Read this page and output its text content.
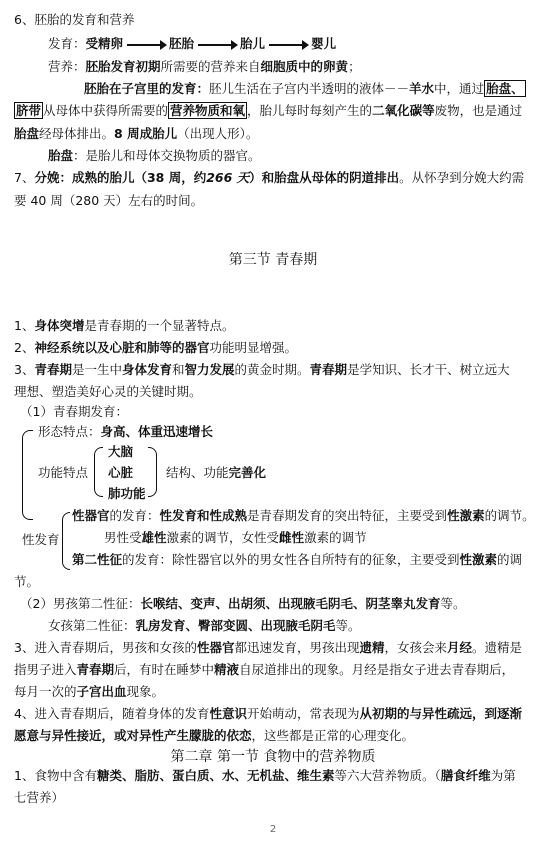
6、胚胎的发育和营养
发育：受精卵	胚胎	胎儿	婴儿
营养：胚胎发育初期所需要的营养来自细胞质中的卵黄；
胚胎在子宫里的发育：胚儿生活在子宫内半透明的液体－－羊水中，通过 胎盘、
脐带 从母体中获得所需要的 营养物质和氧 ，胎儿每时每刻产生的二氧化碳等废物，也是通过
胎盘经母体排出。8 周成胎儿（出现人形）。
胎盘：是胎儿和母体交换物质的器官。
7、分娩：成熟的胎儿（38 周，约266 天）和胎盘从母体的阴道排出。从怀孕到分娩大约需
要 40 周（280 天）左右的时间。
第三节 青春期
1、身体突增是青春期的一个显著特点。
2、神经系统以及心脏和肺等的器官功能明显增强。
3、青春期是一生中身体发育和智力发展的黄金时期。青春期是学知识、长才干、树立远大
理想、塑造美好心灵的关键时期。
（1）青春期发育：
形态特点：身高、体重迅速增长
功能特点
大脑
心脏
肺功能
结构、功能完善化
性发育
性器官的发育：性发育和性成熟是青春期发育的突出特征，主要受到性激素的调节。
男性受雄性激素的调节，女性受雌性激素的调节
第二性征的发育：除性器官以外的男女性各自所特有的征象，主要受到性激素的调
节。
（2）男孩第二性征：长喉结、变声、出胡须、出现腋毛阴毛、阴茎睾丸发育等。
女孩第二性征：乳房发育、臀部变圆、出现腋毛阴毛等。
3、进入青春期后，男孩和女孩的性器官都迅速发育，男孩出现遗精，女孩会来月经。遗精是
指男子进入青春期后，有时在睡梦中精液自尿道排出的现象。月经是指女子进去青春期后，
每月一次的子宫出血现象。
4、进入青春期后，随着身体的发育性意识开始萌动，常表现为从初期的与异性疏远，到逐渐
愿意与异性接近，或对异性产生朦胧的依恋，这些都是正常的心理变化。
第二章 第一节 食物中的营养物质
1、食物中含有糖类、脂肪、蛋白质、水、无机盐、维生素等六大营养物质。（膳食纤维为第
七营养）
2
